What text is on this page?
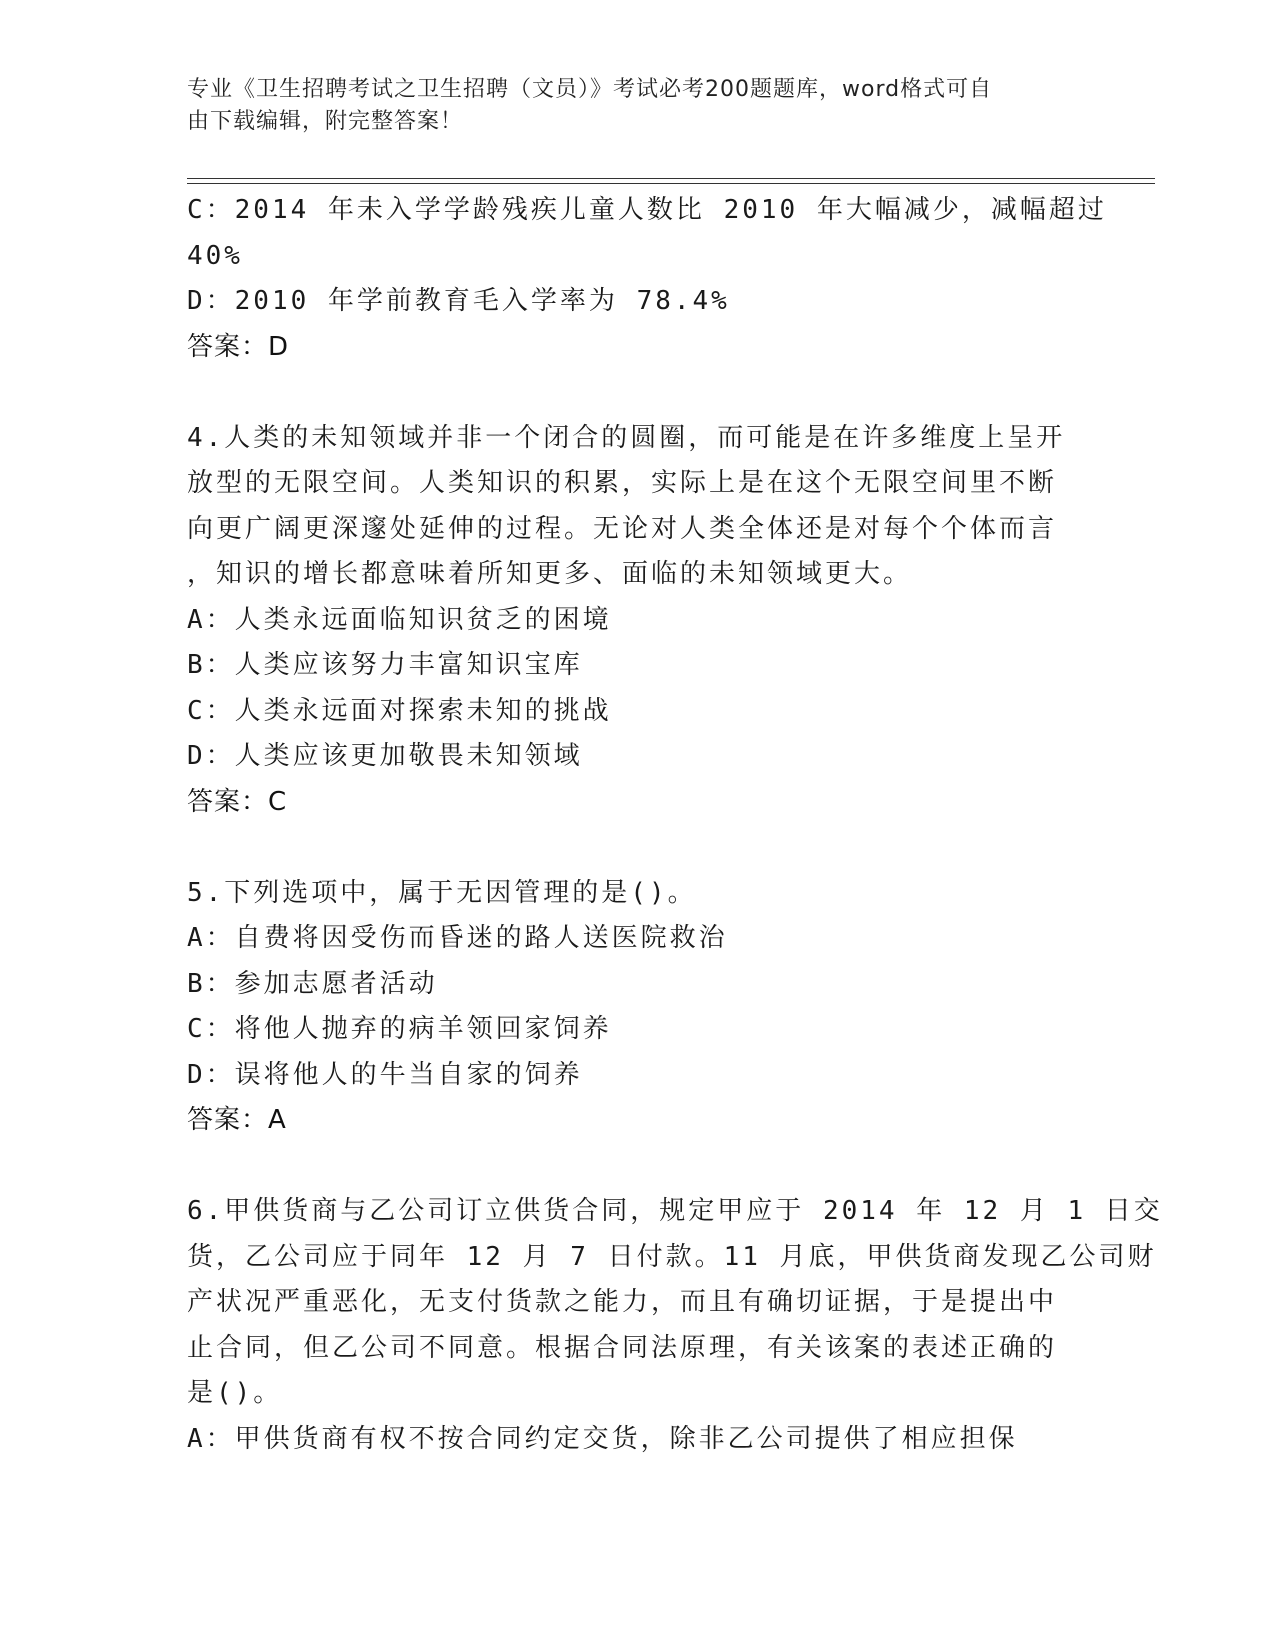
专业《卫生招聘考试之卫生招聘（文员）》考试必考200题题库，word格式可自
由下载编辑，附完整答案！
C：2014 年未入学学龄残疾儿童人数比 2010 年大幅减少，减幅超过
40%
D：2010 年学前教育毛入学率为 78.4%
答案：D
4.人类的未知领域并非一个闭合的圆圈，而可能是在许多维度上呈开
放型的无限空间。人类知识的积累，实际上是在这个无限空间里不断
向更广阔更深邃处延伸的过程。无论对人类全体还是对每个个体而言
，知识的增长都意味着所知更多、面临的未知领域更大。
A：人类永远面临知识贫乏的困境
B：人类应该努力丰富知识宝库
C：人类永远面对探索未知的挑战
D：人类应该更加敬畏未知领域
答案：C
5.下列选项中，属于无因管理的是()。
A：自费将因受伤而昏迷的路人送医院救治
B：参加志愿者活动
C：将他人抛弃的病羊领回家饲养
D：误将他人的牛当自家的饲养
答案：A
6.甲供货商与乙公司订立供货合同，规定甲应于 2014 年 12 月 1 日交
货，乙公司应于同年 12 月 7 日付款。11 月底，甲供货商发现乙公司财
产状况严重恶化，无支付货款之能力，而且有确切证据，于是提出中
止合同，但乙公司不同意。根据合同法原理，有关该案的表述正确的
是()。
A：甲供货商有权不按合同约定交货，除非乙公司提供了相应担保
